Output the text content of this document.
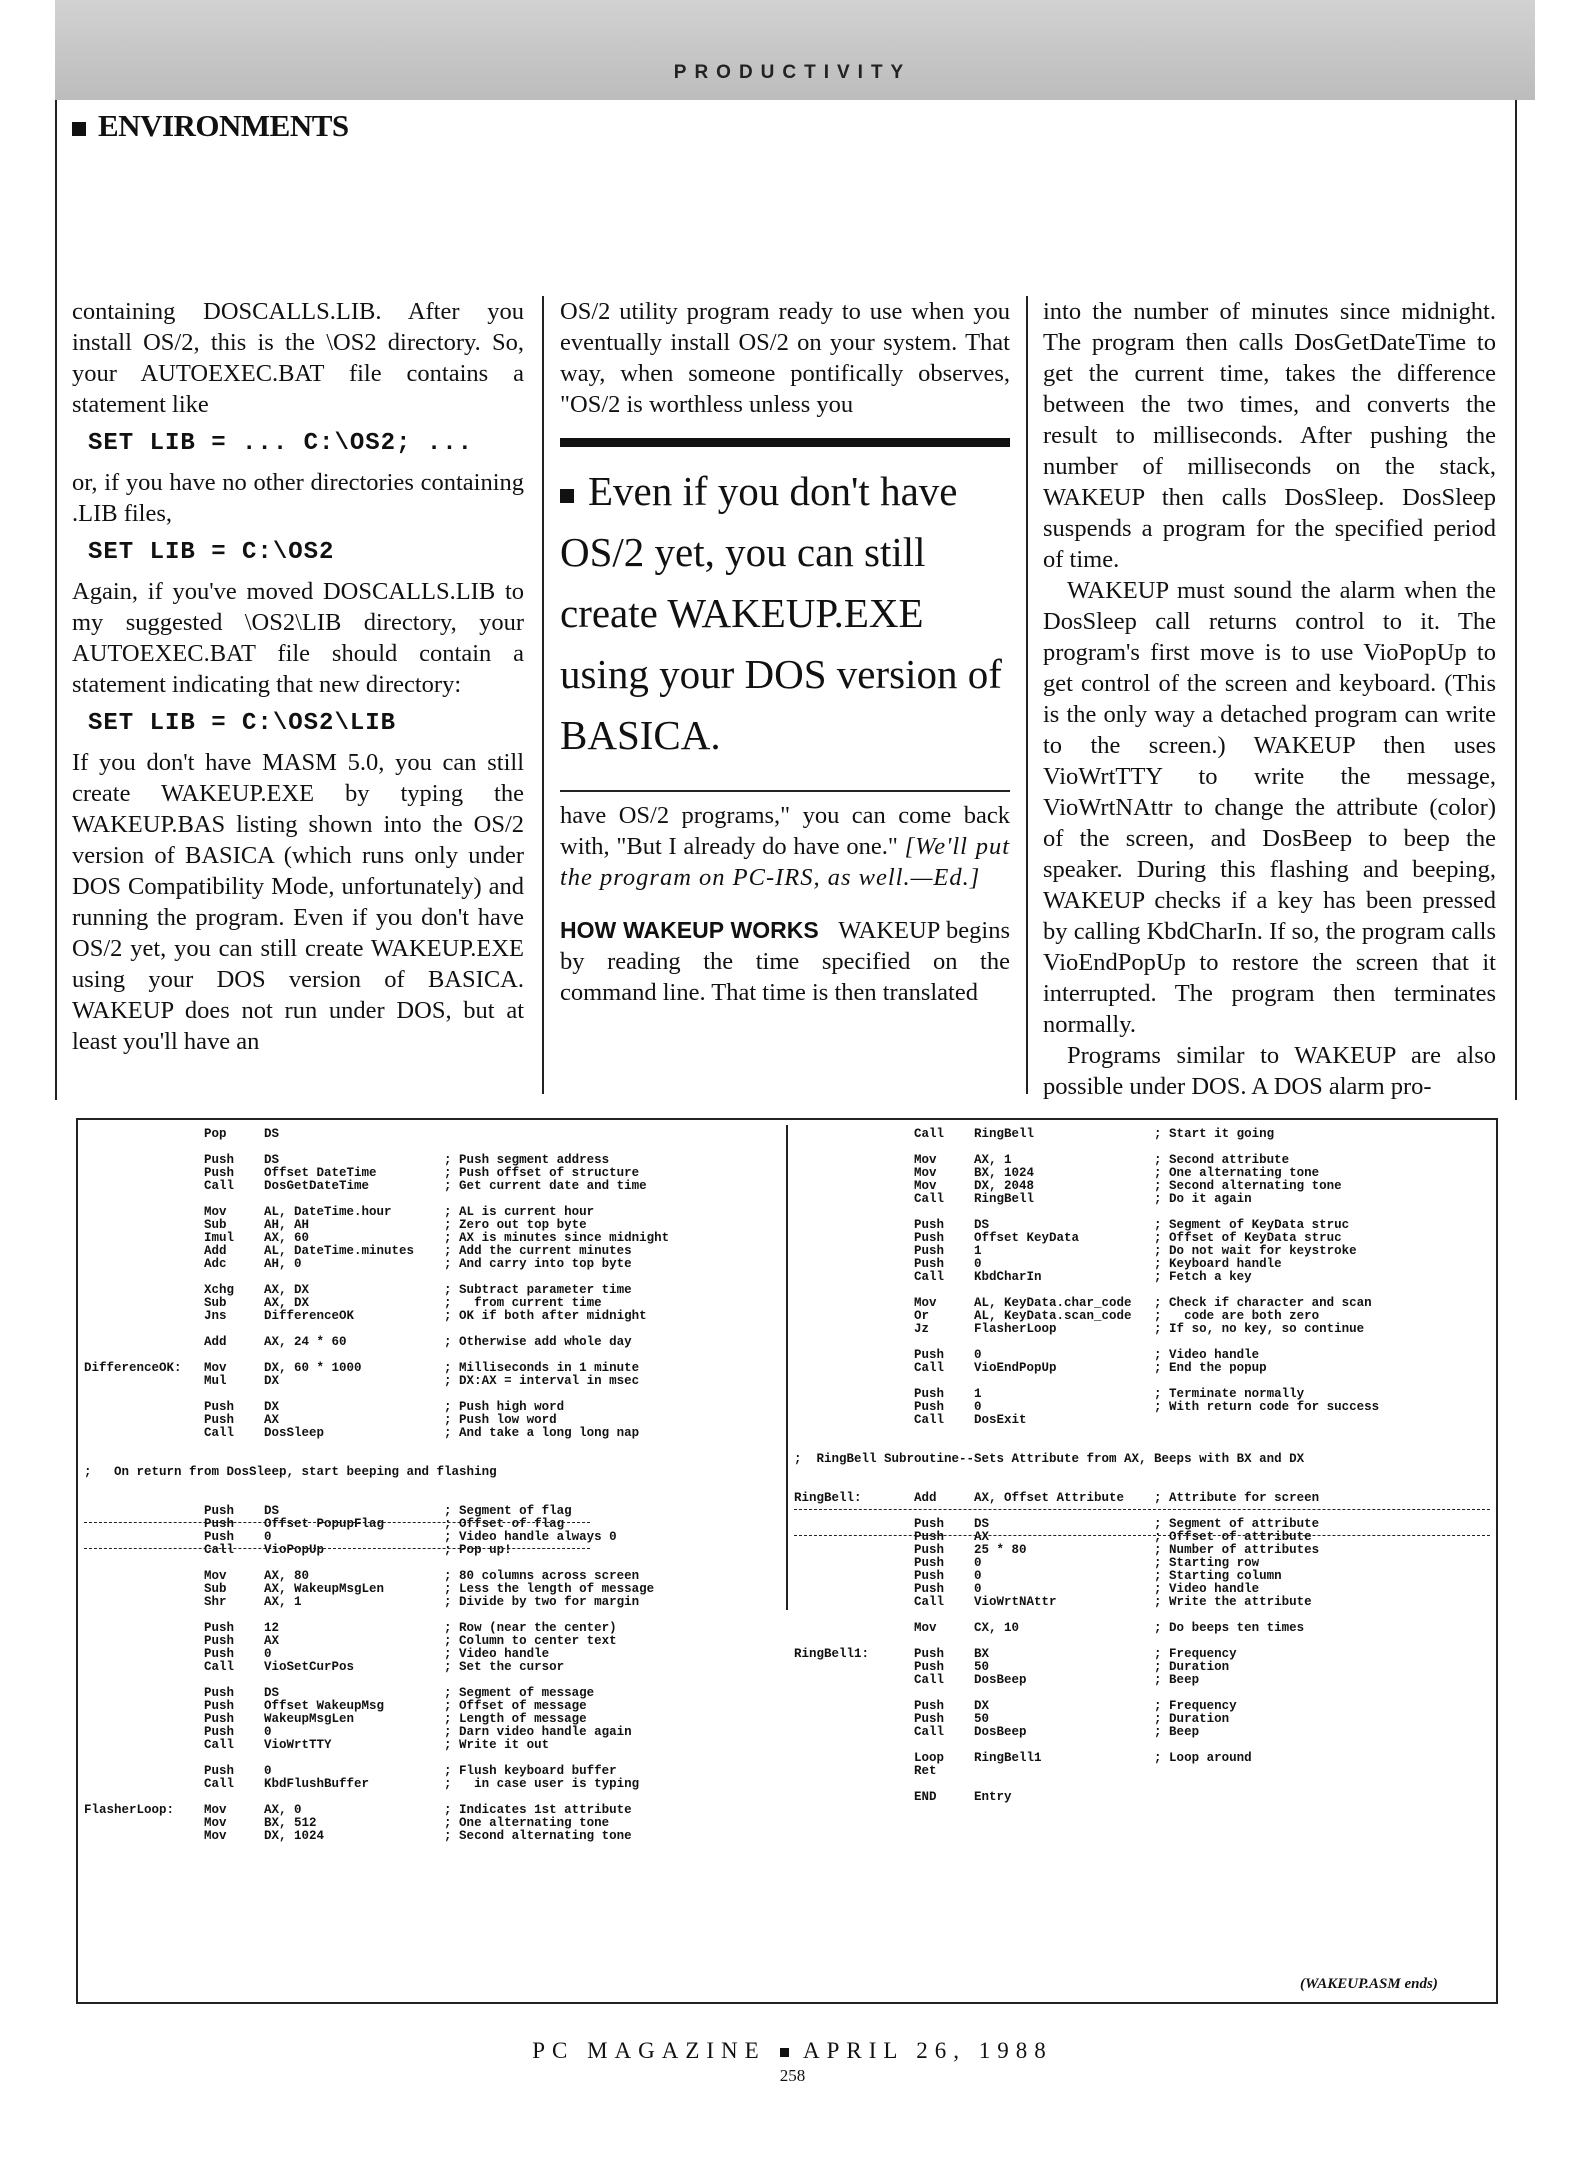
PRODUCTIVITY
ENVIRONMENTS

containing DOSCALLS.LIB. After you install OS/2, this is the \OS2 directory. So, your AUTOEXEC.BAT file contains a statement like

SET LIB = ... C:\OS2; ...

or, if you have no other directories containing .LIB files,

SET LIB = C:\OS2

Again, if you've moved DOSCALLS.LIB to my suggested \OS2\LIB directory, your AUTOEXEC.BAT file should contain a statement indicating that new directory:

SET LIB = C:\OS2\LIB

If you don't have MASM 5.0, you can still create WAKEUP.EXE by typing the WAKEUP.BAS listing shown into the OS/2 version of BASICA (which runs only under DOS Compatibility Mode, unfortunately) and running the program. Even if you don't have OS/2 yet, you can still create WAKEUP.EXE using your DOS version of BASICA. WAKEUP does not run under DOS, but at least you'll have an

OS/2 utility program ready to use when you eventually install OS/2 on your system. That way, when someone pontifically observes, "OS/2 is worthless unless you

Even if you don't have OS/2 yet, you can still create WAKEUP.EXE using your DOS version of BASICA.

have OS/2 programs," you can come back with, "But I already do have one." [We'll put the program on PC-IRS, as well.—Ed.]

HOW WAKEUP WORKS WAKEUP begins by reading the time specified on the command line. That time is then translated

into the number of minutes since midnight. The program then calls DosGetDateTime to get the current time, takes the difference between the two times, and converts the result to milliseconds. After pushing the number of milliseconds on the stack, WAKEUP then calls DosSleep. DosSleep suspends a program for the specified period of time.

WAKEUP must sound the alarm when the DosSleep call returns control to it. The program's first move is to use VioPopUp to get control of the screen and keyboard. (This is the only way a detached program can write to the screen.) WAKEUP then uses VioWrtTTY to write the message, VioWrtNAttr to change the attribute (color) of the screen, and DosBeep to beep the speaker. During this flashing and beeping, WAKEUP checks if a key has been pressed by calling KbdCharIn. If so, the program calls VioEndPopUp to restore the screen that it interrupted. The program then terminates normally.

Programs similar to WAKEUP are also possible under DOS. A DOS alarm pro-

Pop     DS

Push    DS                      ; Push segment address
Push    Offset DateTime         ; Push offset of structure
Call    DosGetDateTime          ; Get current date and time

Mov     AL, DateTime.hour       ; AL is current hour
Sub     AH, AH                  ; Zero out top byte
Imul    AX, 60                  ; AX is minutes since midnight
Add     AL, DateTime.minutes    ; Add the current minutes
Adc     AH, 0                   ; And carry into top byte

Xchg    AX, DX                  ; Subtract parameter time
Sub     AX, DX                  ;   from current time
Jns     DifferenceOK            ; OK if both after midnight

Add     AX, 24 * 60             ; Otherwise add whole day

DifferenceOK:   Mov     DX, 60 * 1000           ; Milliseconds in 1 minute
Mul     DX                      ; DX:AX = interval in msec

Push    DX                      ; Push high word
Push    AX                      ; Push low word
Call    DosSleep                ; And take a long long nap

;   On return from DosSleep, start beeping and flashing

Push    DS                      ; Segment of flag
Push    Offset PopupFlag        ; Offset of flag
Push    0                       ; Video handle always 0
Call    VioPopUp                ; Pop up!

Mov     AX, 80                  ; 80 columns across screen
Sub     AX, WakeupMsgLen        ; Less the length of message
Shr     AX, 1                   ; Divide by two for margin

Push    12                      ; Row (near the center)
Push    AX                      ; Column to center text
Push    0                       ; Video handle
Call    VioSetCurPos            ; Set the cursor

Push    DS                      ; Segment of message
Push    Offset WakeupMsg        ; Offset of message
Push    WakeupMsgLen            ; Length of message
Push    0                       ; Darn video handle again
Call    VioWrtTTY               ; Write it out

Push    0                       ; Flush keyboard buffer
Call    KbdFlushBuffer          ;   in case user is typing

FlasherLoop:    Mov     AX, 0                   ; Indicates 1st attribute
Mov     BX, 512                 ; One alternating tone
Mov     DX, 1024                ; Second alternating tone
Call    RingBell                ; Start it going

Mov     AX, 1                   ; Second attribute
Mov     BX, 1024                ; One alternating tone
Mov     DX, 2048                ; Second alternating tone
Call    RingBell                ; Do it again

Push    DS                      ; Segment of KeyData struc
Push    Offset KeyData          ; Offset of KeyData struc
Push    1                       ; Do not wait for keystroke
Push    0                       ; Keyboard handle
Call    KbdCharIn               ; Fetch a key

Mov     AL, KeyData.char_code   ; Check if character and scan
Or      AL, KeyData.scan_code   ;   code are both zero
Jz      FlasherLoop             ; If so, no key, so continue

Push    0                       ; Video handle
Call    VioEndPopUp             ; End the popup

Push    1                       ; Terminate normally
Push    0                       ; With return code for success
Call    DosExit

;  RingBell Subroutine--Sets Attribute from AX, Beeps with BX and DX

RingBell:       Add     AX, Offset Attribute    ; Attribute for screen

Push    DS                      ; Segment of attribute
Push    AX                      ; Offset of attribute
Push    25 * 80                 ; Number of attributes
Push    0                       ; Starting row
Push    0                       ; Starting column
Push    0                       ; Video handle
Call    VioWrtNAttr             ; Write the attribute

Mov     CX, 10                  ; Do beeps ten times

RingBell1:      Push    BX                      ; Frequency
Push    50                      ; Duration
Call    DosBeep                 ; Beep

Push    DX                      ; Frequency
Push    50                      ; Duration
Call    DosBeep                 ; Beep

Loop    RingBell1               ; Loop around
Ret

END     Entry
(WAKEUP.ASM ends)
PC MAGAZINE APRIL 26, 1988
258
